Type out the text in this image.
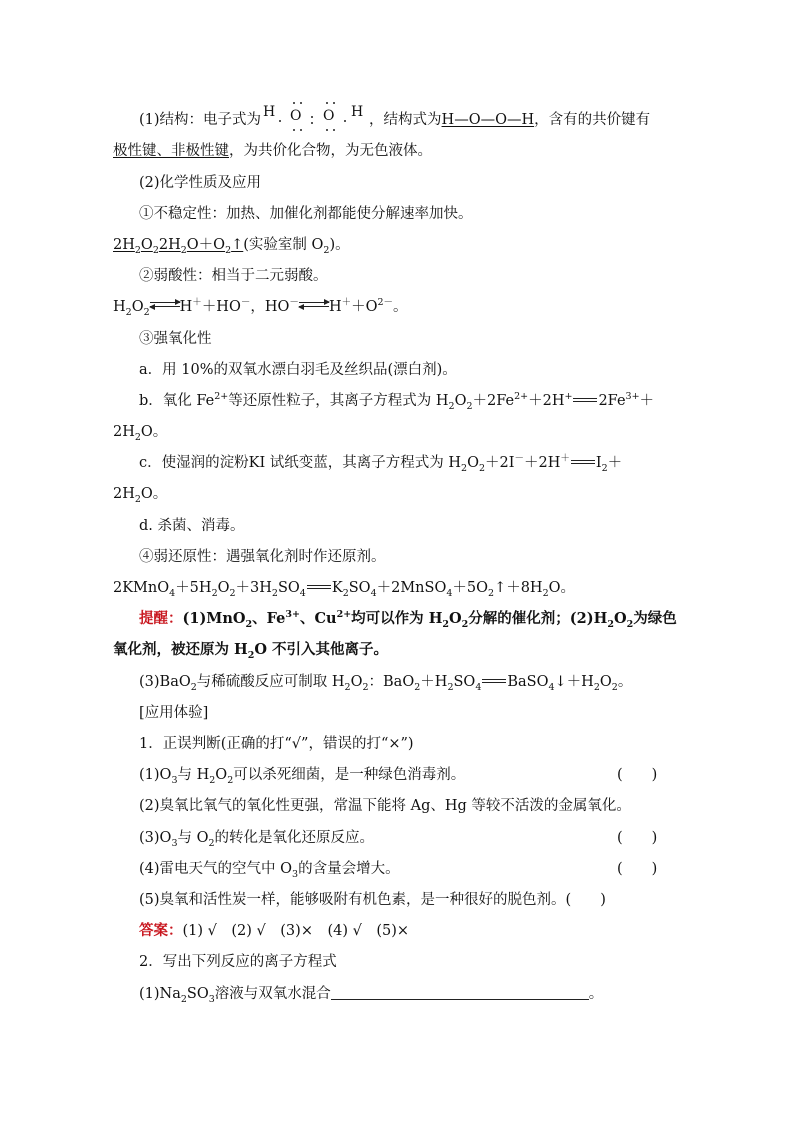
(1)结构：电子式为 H O O H ，结构式为H—O—O—H，含有的共价键有
极性键、非极性键，为共价化合物，为无色液体。
(2)化学性质及应用
①不稳定性：加热、加催化剂都能使分解速率加快。
$2H_2O_22H_2O+O_2↑$(实验室制 $O_2$)。
②弱酸性：相当于二元弱酸。
$H_2O_2$ H＋＋HO－，HO－ $H^++O^{2-}$。
③强氧化性
a．用 10%的双氧水漂白羽毛及丝织品(漂白剂)。
b．氧化 $Fe^{2+}$等还原性粒子，其离子方程式为 $H_2O_2+2Fe^{2+}+2H^+$ $2Fe^{3+}+$
$2H_2O$。
c．使湿润的淀粉KI 试纸变蓝，其离子方程式为 $H_2O_2+2I^-+2H^+$ $I_2+$
$2H_2O$。
d. 杀菌、消毒。
④弱还原性：遇强氧化剂时作还原剂。
$2KMnO_4+5H_2O_2+3H_2SO_4$ $K_2SO_4+2MnSO_4+5O_2↑+8H_2O$。
提醒：(1)MnO$_2$、$Fe^{3+}$、$Cu^{2+}$均可以作为 $H_2O_2$分解的催化剂；$(2)H_2O_2$为绿色
氧化剂，被还原为 $H_2O$ 不引入其他离子。
(3)BaO$_2$与稀硫酸反应可制取 $H_2O_2$：$BaO_2+H_2SO_4$ $BaSO_4↓+H_2O_2$。
[应用体验]
1．正误判断(正确的打“√”，错误的打“×”)
$(1)O_3$与 $H_2O_2$可以杀死细菌，是一种绿色消毒剂。	(　　)
(2)臭氧比氧气的氧化性更强，常温下能将 Ag、Hg 等较不活泼的金属氧化。
$(3)O_3$与 $O_2$的转化是氧化还原反应。	(　　)
(4)雷电天气的空气中 $O_3$的含量会增大。	(　　)
(5)臭氧和活性炭一样，能够吸附有机色素，是一种很好的脱色剂。(　　)
答案：(1) √　(2) √　(3)×　(4) √　(5)×
2．写出下列反应的离子方程式
$(1)Na_2SO_3$溶液与双氧水混合	。
